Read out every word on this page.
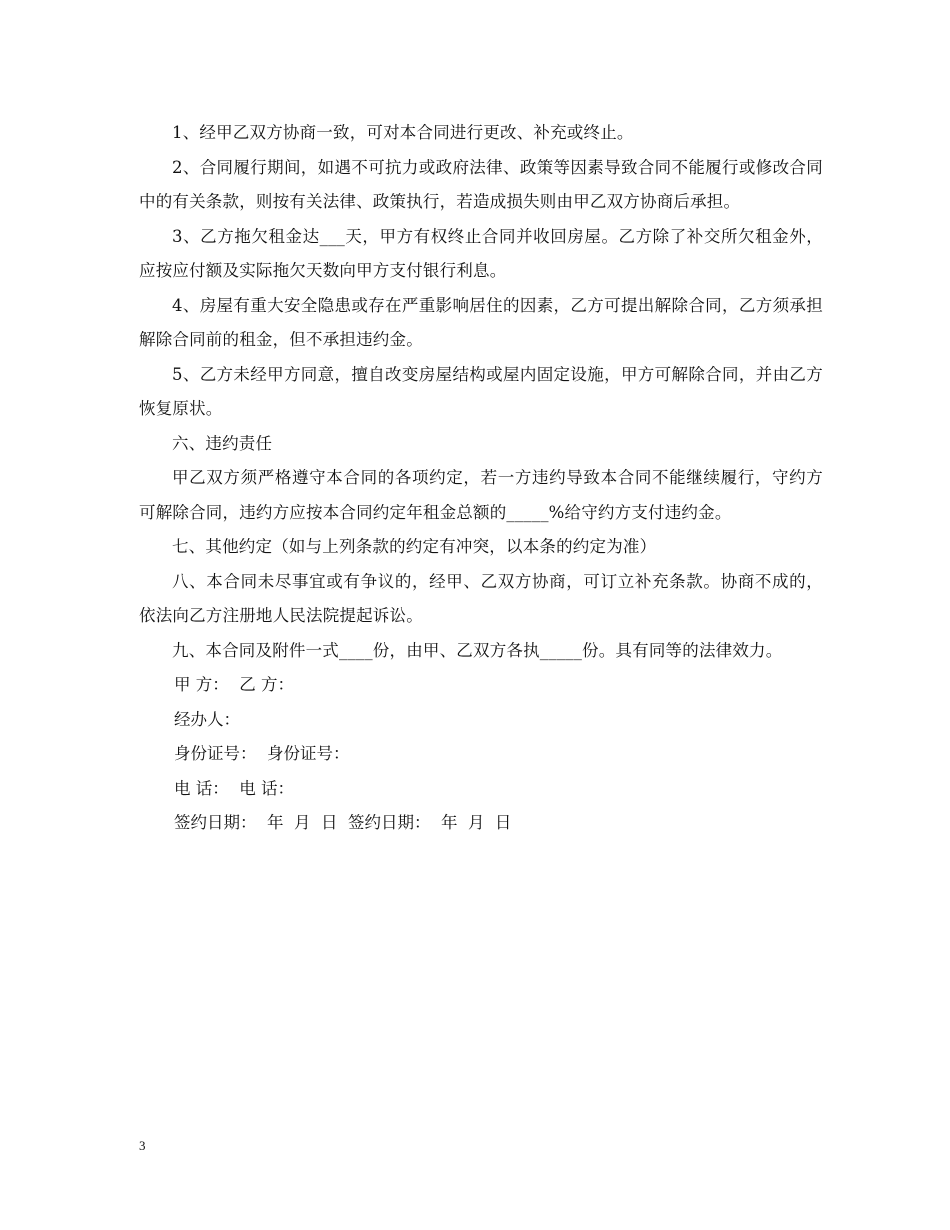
1、经甲乙双方协商一致，可对本合同进行更改、补充或终止。

2、合同履行期间，如遇不可抗力或政府法律、政策等因素导致合同不能履行或修改合同中的有关条款，则按有关法律、政策执行，若造成损失则由甲乙双方协商后承担。

3、乙方拖欠租金达___天，甲方有权终止合同并收回房屋。乙方除了补交所欠租金外，应按应付额及实际拖欠天数向甲方支付银行利息。

4、房屋有重大安全隐患或存在严重影响居住的因素，乙方可提出解除合同，乙方须承担解除合同前的租金，但不承担违约金。

5、乙方未经甲方同意，擅自改变房屋结构或屋内固定设施，甲方可解除合同，并由乙方恢复原状。

六、违约责任

甲乙双方须严格遵守本合同的各项约定，若一方违约导致本合同不能继续履行，守约方可解除合同，违约方应按本合同约定年租金总额的_____%给守约方支付违约金。

七、其他约定（如与上列条款的约定有冲突，以本条的约定为准）

八、本合同未尽事宜或有争议的，经甲、乙双方协商，可订立补充条款。协商不成的，依法向乙方注册地人民法院提起诉讼。

九、本合同及附件一式____份，由甲、乙双方各执_____份。具有同等的法律效力。

甲 方：  乙 方：

经办人：

身份证号：  身份证号：

电 话：  电 话：

签约日期：  年  月  日  签约日期：  年  月  日

3
